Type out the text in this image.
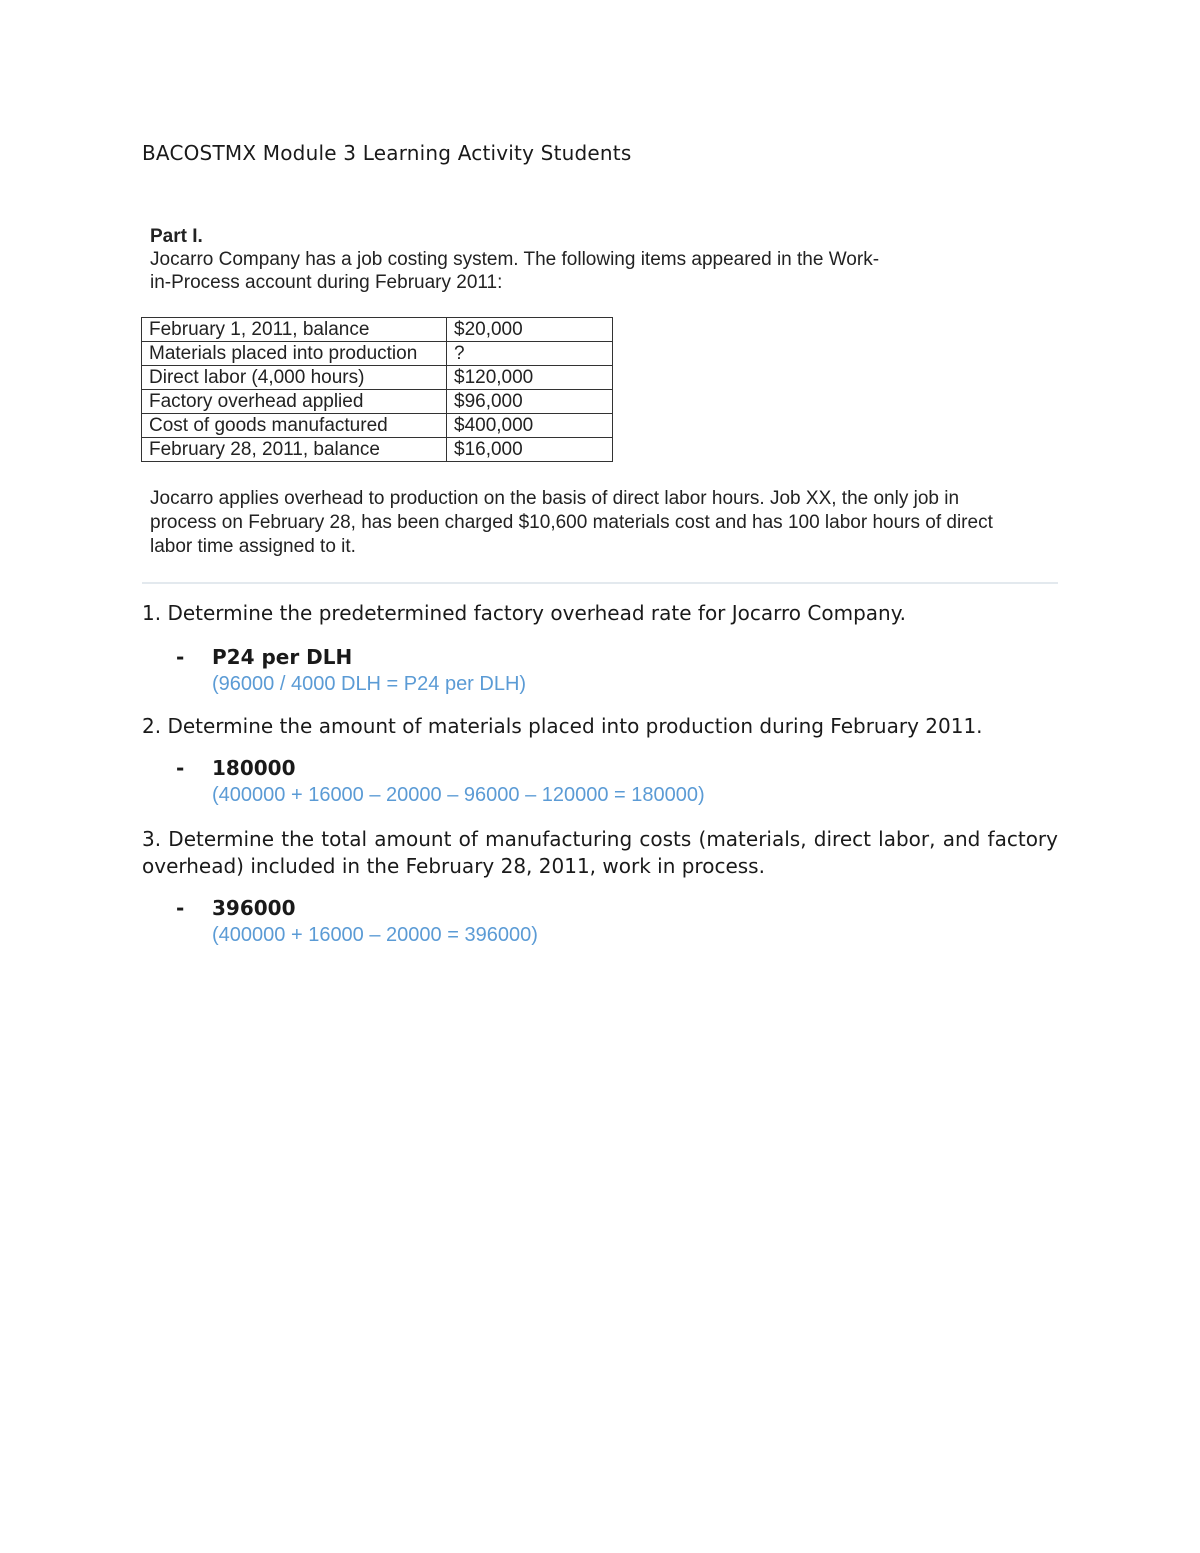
BACOSTMX Module 3 Learning Activity Students
Part I.
Jocarro Company has a job costing system. The following items appeared in the Work-in-Process account during February 2011:
February 1, 2011, balance	$20,000
Materials placed into production	?
Direct labor (4,000 hours)	$120,000
Factory overhead applied	$96,000
Cost of goods manufactured	$400,000
February 28, 2011, balance	$16,000
Jocarro applies overhead to production on the basis of direct labor hours. Job XX, the only job in process on February 28, has been charged $10,600 materials cost and has 100 labor hours of direct labor time assigned to it.
1. Determine the predetermined factory overhead rate for Jocarro Company.
- P24 per DLH
(96000 / 4000 DLH = P24 per DLH)
2. Determine the amount of materials placed into production during February 2011.
- 180000
(400000 + 16000 – 20000 – 96000 – 120000 = 180000)
3. Determine the total amount of manufacturing costs (materials, direct labor, and factory overhead) included in the February 28, 2011, work in process.
- 396000
(400000 + 16000 – 20000 = 396000)
